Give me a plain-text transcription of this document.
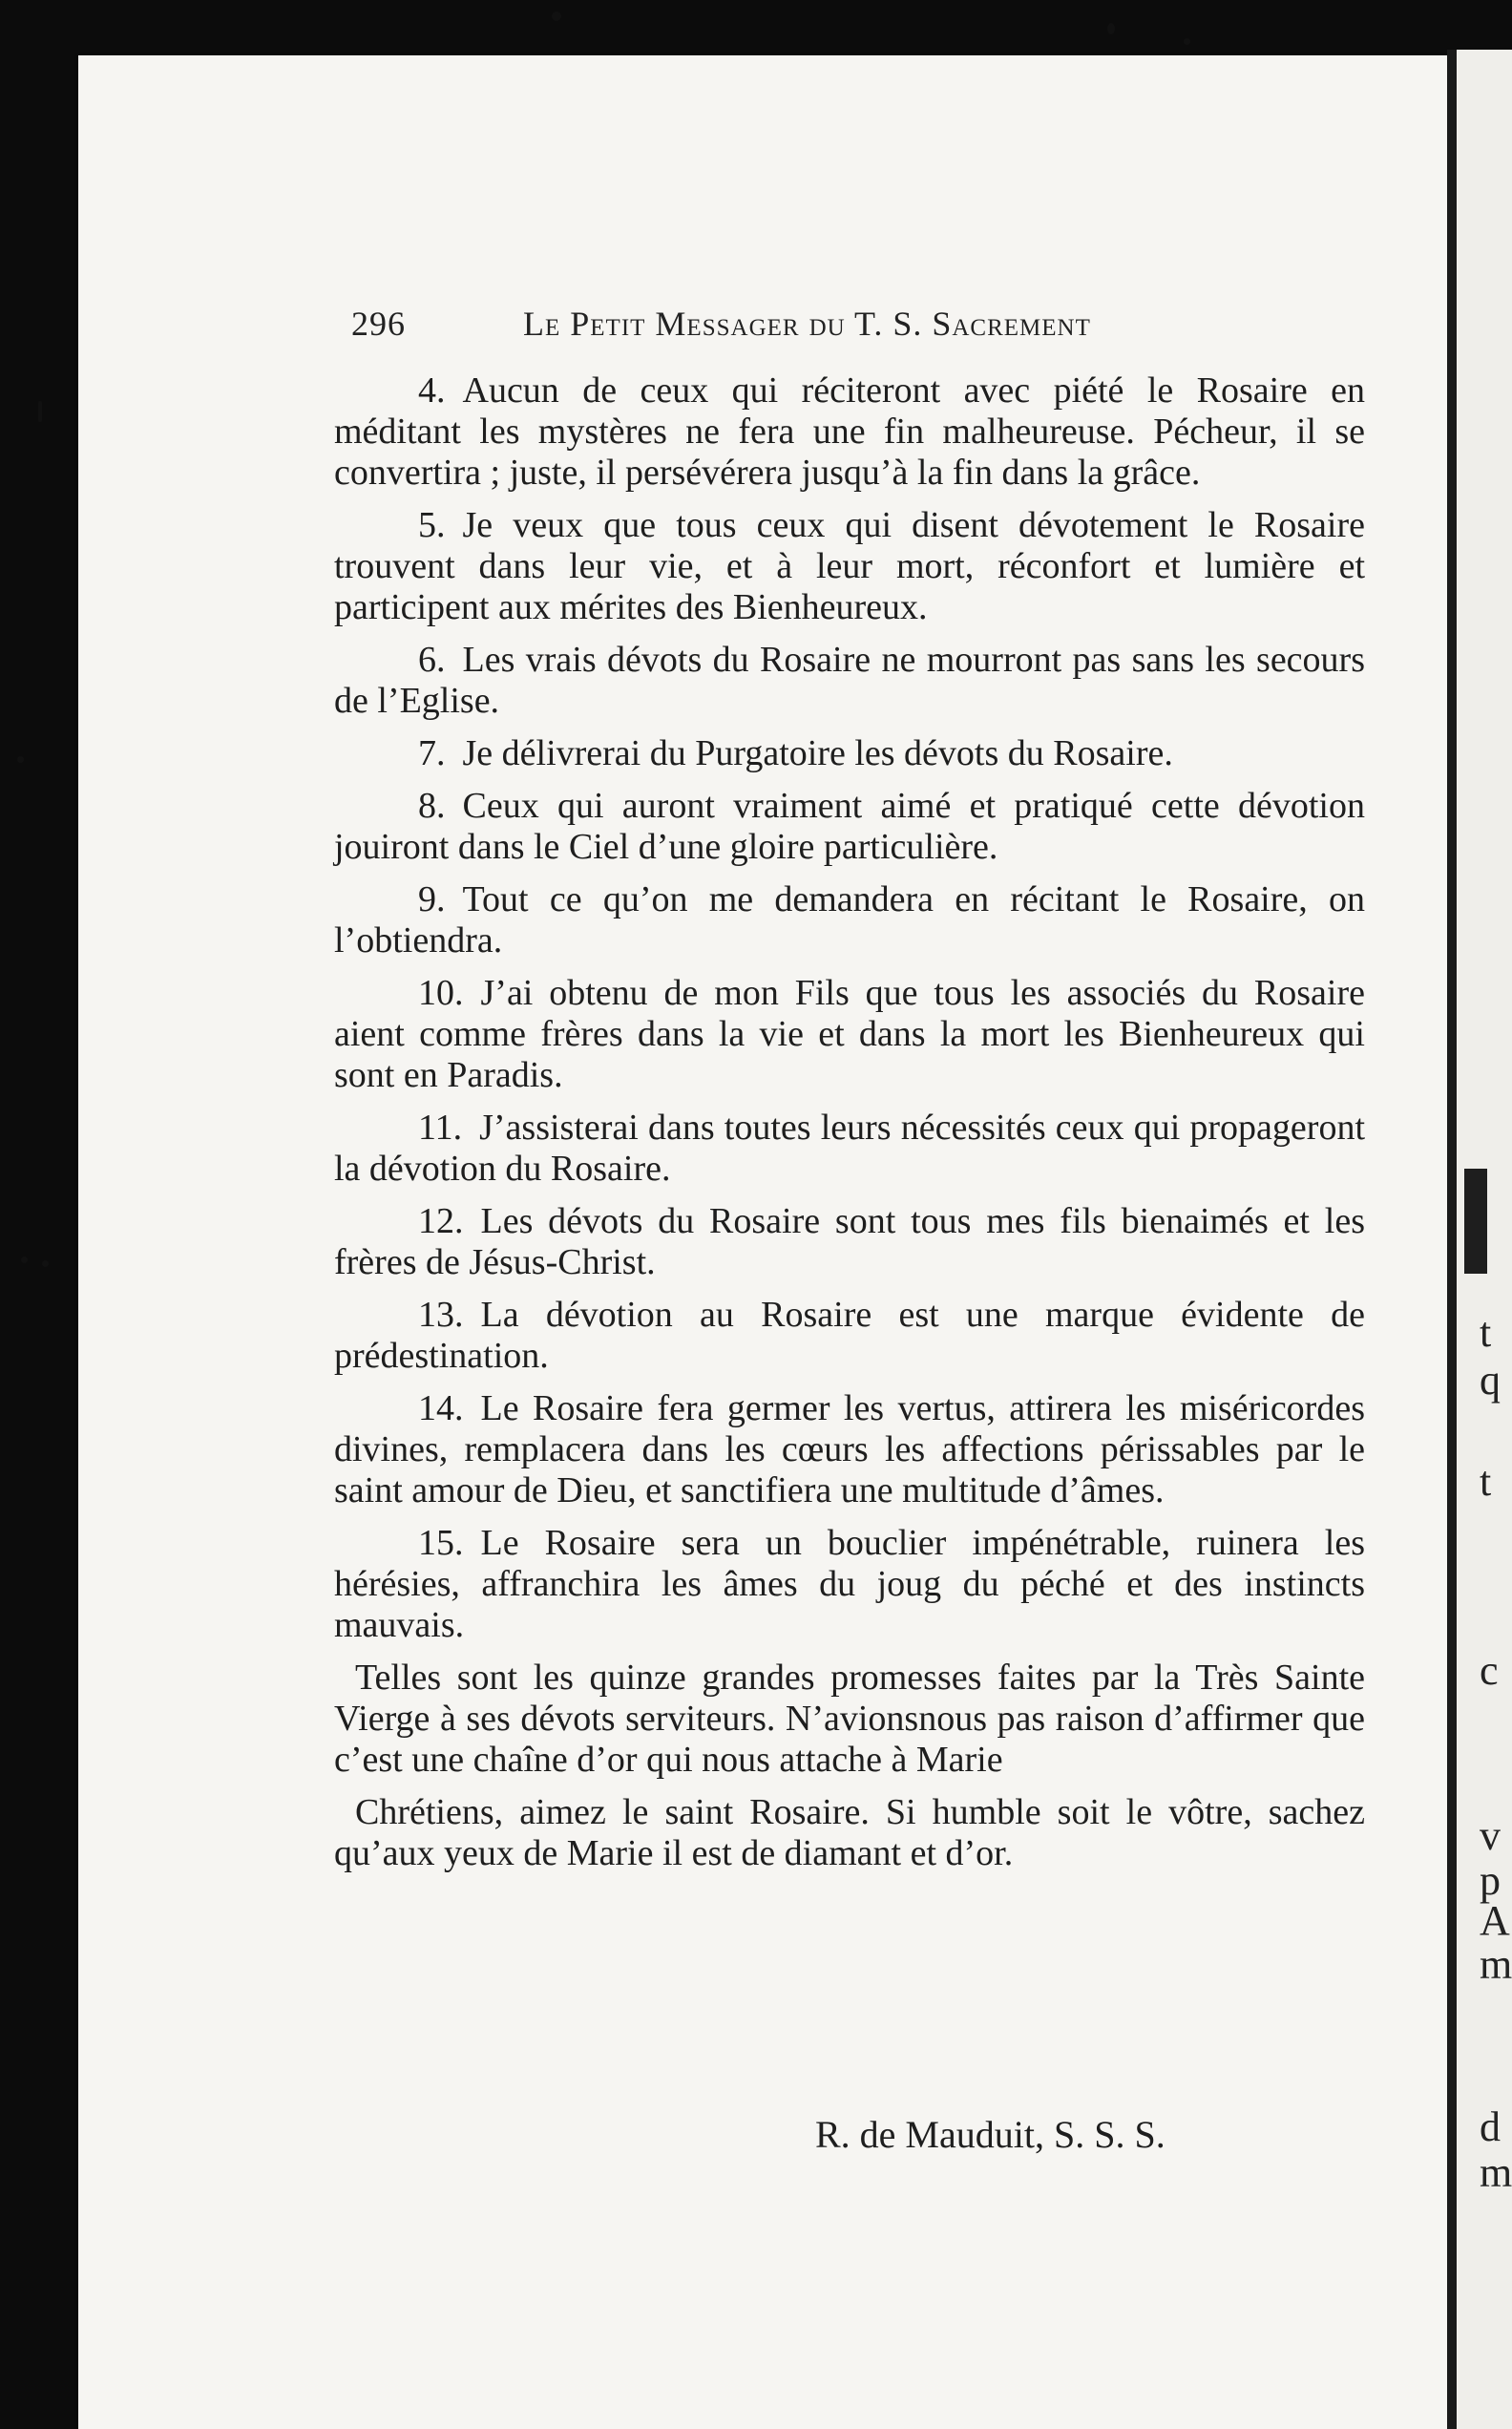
t
q
t
c
v
p
A
m
d
m
296	Le Petit Messager du T. S. Sacrement

4. Aucun de ceux qui réciteront avec piété le Rosaire en méditant les mystères ne fera une fin malheureuse. Pécheur, il se convertira ; juste, il persévérera jusqu’à la fin dans la grâce.

5. Je veux que tous ceux qui disent dévotement le Rosaire trouvent dans leur vie, et à leur mort, réconfort et lumière et participent aux mérites des Bienheureux.

6. Les vrais dévots du Rosaire ne mourront pas sans les secours de l’Eglise.

7. Je délivrerai du Purgatoire les dévots du Rosaire.

8. Ceux qui auront vraiment aimé et pratiqué cette dévotion jouiront dans le Ciel d’une gloire particulière.

9. Tout ce qu’on me demandera en récitant le Rosaire, on l’obtiendra.

10. J’ai obtenu de mon Fils que tous les associés du Rosaire aient comme frères dans la vie et dans la mort les Bienheureux qui sont en Paradis.

11. J’assisterai dans toutes leurs nécessités ceux qui propageront la dévotion du Rosaire.

12. Les dévots du Rosaire sont tous mes fils bienaimés et les frères de Jésus-Christ.

13. La dévotion au Rosaire est une marque évidente de prédestination.

14. Le Rosaire fera germer les vertus, attirera les miséricordes divines, remplacera dans les cœurs les affections périssables par le saint amour de Dieu, et sanctifiera une multitude d’âmes.

15. Le Rosaire sera un bouclier impénétrable, ruinera les hérésies, affranchira les âmes du joug du péché et des instincts mauvais.

Telles sont les quinze grandes promesses faites par la Très Sainte Vierge à ses dévots serviteurs. N’avionsnous pas raison d’affirmer que c’est une chaîne d’or qui nous attache à Marie

Chrétiens, aimez le saint Rosaire. Si humble soit le vôtre, sachez qu’aux yeux de Marie il est de diamant et d’or.

R. de Mauduit, S. S. S.
